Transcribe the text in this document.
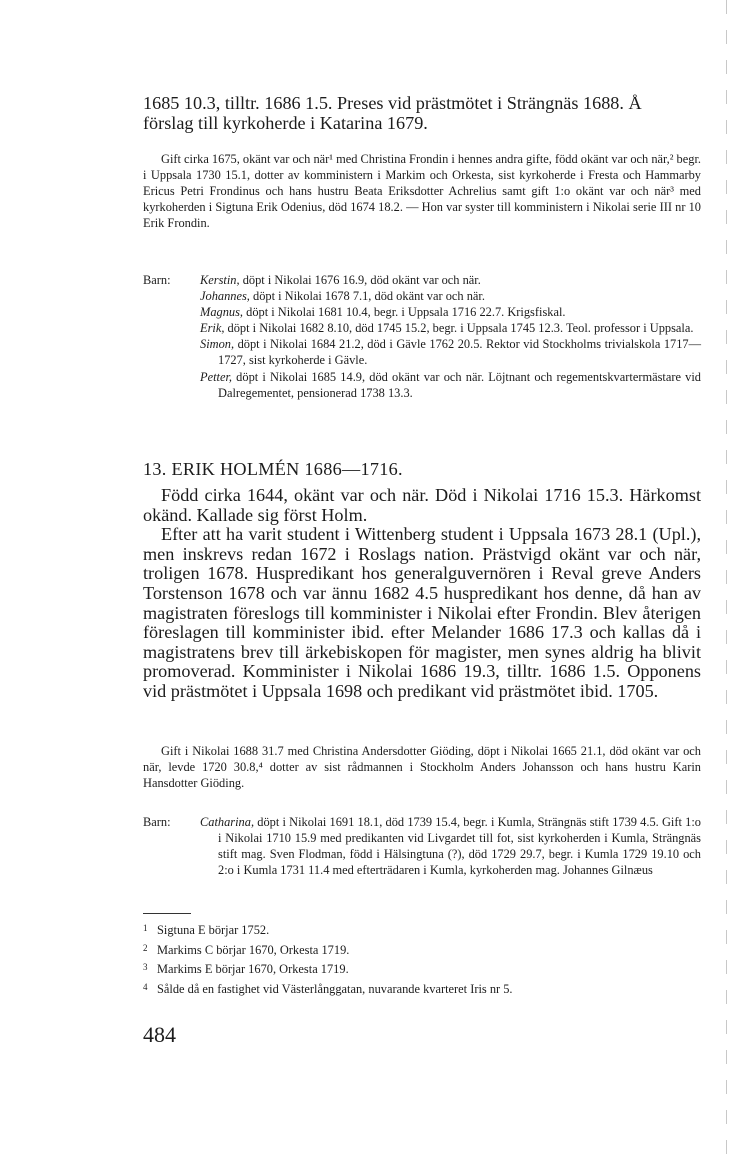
1685 10.3, tilltr. 1686 1.5. Preses vid prästmötet i Strängnäs 1688. Å

förslag till kyrkoherde i Katarina 1679.

Gift cirka 1675, okänt var och när¹ med Christina Frondin i hennes andra gifte, född okänt var och när,² begr. i Uppsala 1730 15.1, dotter av komministern i Markim och Orkesta, sist kyrkoherde i Fresta och Hammarby Ericus Petri Frondinus och hans hustru Beata Eriksdotter Achrelius samt gift 1:o okänt var och när³ med kyrkoherden i Sigtuna Erik Odenius, död 1674 18.2. — Hon var syster till komministern i Nikolai serie III nr 10 Erik Frondin.

Barn:	Kerstin, döpt i Nikolai 1676 16.9, död okänt var och när.
Johannes, döpt i Nikolai 1678 7.1, död okänt var och när.
Magnus, döpt i Nikolai 1681 10.4, begr. i Uppsala 1716 22.7. Krigsfiskal.
Erik, döpt i Nikolai 1682 8.10, död 1745 15.2, begr. i Uppsala 1745 12.3. Teol. professor i Uppsala.
Simon, döpt i Nikolai 1684 21.2, död i Gävle 1762 20.5. Rektor vid Stockholms trivialskola 1717—1727, sist kyrkoherde i Gävle.
Petter, döpt i Nikolai 1685 14.9, död okänt var och när. Löjtnant och regementskvartermästare vid Dalregementet, pensionerad 1738 13.3.
13. ERIK HOLMÉN 1686—1716.

Född cirka 1644, okänt var och när. Död i Nikolai 1716 15.3. Härkomst okänd. Kallade sig först Holm.

Efter att ha varit student i Wittenberg student i Uppsala 1673 28.1 (Upl.), men inskrevs redan 1672 i Roslags nation. Prästvigd okänt var och när, troligen 1678. Huspredikant hos generalguvernören i Reval greve Anders Torstenson 1678 och var ännu 1682 4.5 huspredikant hos denne, då han av magistraten föreslogs till komminister i Nikolai efter Frondin. Blev återigen föreslagen till komminister ibid. efter Melander 1686 17.3 och kallas då i magistratens brev till ärkebiskopen för magister, men synes aldrig ha blivit promoverad. Komminister i Nikolai 1686 19.3, tilltr. 1686 1.5. Opponens vid prästmötet i Uppsala 1698 och predikant vid prästmötet ibid. 1705.

Gift i Nikolai 1688 31.7 med Christina Andersdotter Giöding, döpt i Nikolai 1665 21.1, död okänt var och när, levde 1720 30.8,⁴ dotter av sist rådmannen i Stockholm Anders Johansson och hans hustru Karin Hansdotter Giöding.

Barn:	Catharina, döpt i Nikolai 1691 18.1, död 1739 15.4, begr. i Kumla, Strängnäs stift 1739 4.5. Gift 1:o i Nikolai 1710 15.9 med predikanten vid Livgardet till fot, sist kyrkoherden i Kumla, Strängnäs stift mag. Sven Flodman, född i Hälsingtuna (?), död 1729 29.7, begr. i Kumla 1729 19.10 och 2:o i Kumla 1731 11.4 med efterträdaren i Kumla, kyrkoherden mag. Johannes Gilnæus
1 Sigtuna E börjar 1752.
2 Markims C börjar 1670, Orkesta 1719.
3 Markims E börjar 1670, Orkesta 1719.
4 Sålde då en fastighet vid Västerlånggatan, nuvarande kvarteret Iris nr 5.
484
